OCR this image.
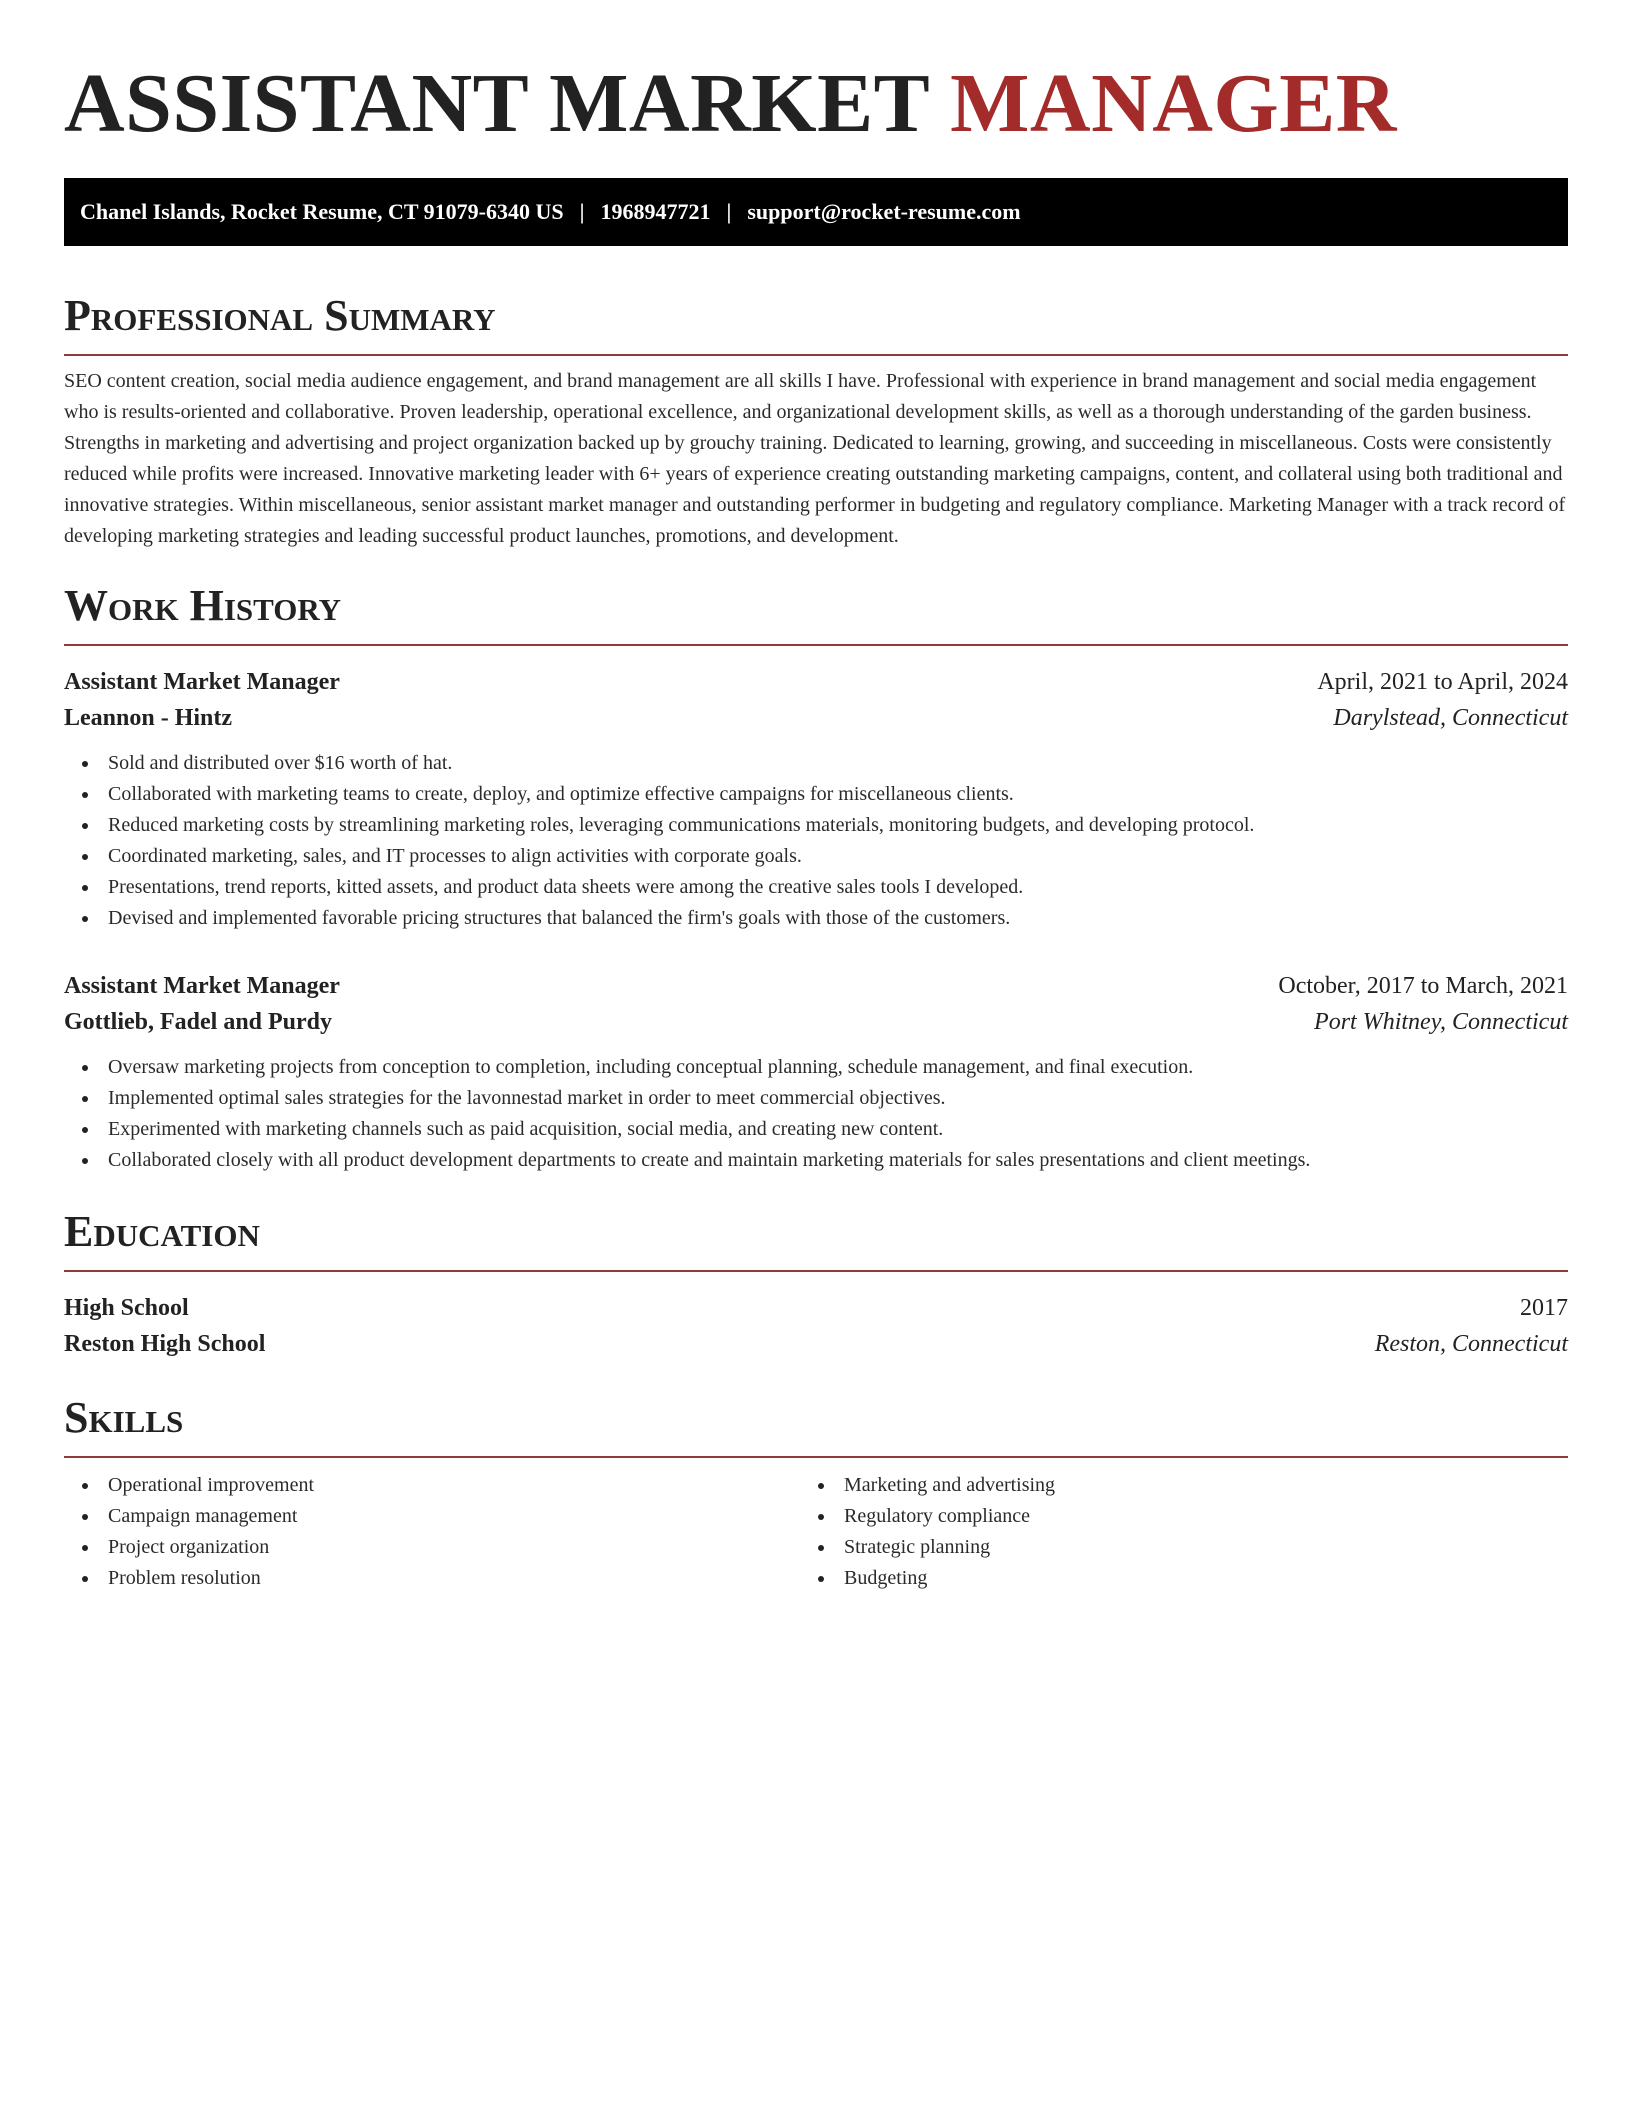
ASSISTANT MARKET MANAGER
Chanel Islands, Rocket Resume, CT 91079-6340 US | 1968947721 | support@rocket-resume.com
Professional Summary

SEO content creation, social media audience engagement, and brand management are all skills I have. Professional with experience in brand management and social media engagement who is results-oriented and collaborative. Proven leadership, operational excellence, and organizational development skills, as well as a thorough understanding of the garden business. Strengths in marketing and advertising and project organization backed up by grouchy training. Dedicated to learning, growing, and succeeding in miscellaneous. Costs were consistently reduced while profits were increased. Innovative marketing leader with 6+ years of experience creating outstanding marketing campaigns, content, and collateral using both traditional and innovative strategies. Within miscellaneous, senior assistant market manager and outstanding performer in budgeting and regulatory compliance. Marketing Manager with a track record of developing marketing strategies and leading successful product launches, promotions, and development.

Work History
Assistant Market Manager	April, 2021 to April, 2024
Leannon - Hintz	Darylstead, Connecticut
Sold and distributed over $16 worth of hat.
Collaborated with marketing teams to create, deploy, and optimize effective campaigns for miscellaneous clients.
Reduced marketing costs by streamlining marketing roles, leveraging communications materials, monitoring budgets, and developing protocol.
Coordinated marketing, sales, and IT processes to align activities with corporate goals.
Presentations, trend reports, kitted assets, and product data sheets were among the creative sales tools I developed.
Devised and implemented favorable pricing structures that balanced the firm's goals with those of the customers.
Assistant Market Manager	October, 2017 to March, 2021
Gottlieb, Fadel and Purdy	Port Whitney, Connecticut
Oversaw marketing projects from conception to completion, including conceptual planning, schedule management, and final execution.
Implemented optimal sales strategies for the lavonnestad market in order to meet commercial objectives.
Experimented with marketing channels such as paid acquisition, social media, and creating new content.
Collaborated closely with all product development departments to create and maintain marketing materials for sales presentations and client meetings.
Education
High School	2017
Reston High School	Reston, Connecticut
Skills
Operational improvement
Campaign management
Project organization
Problem resolution
Marketing and advertising
Regulatory compliance
Strategic planning
Budgeting
